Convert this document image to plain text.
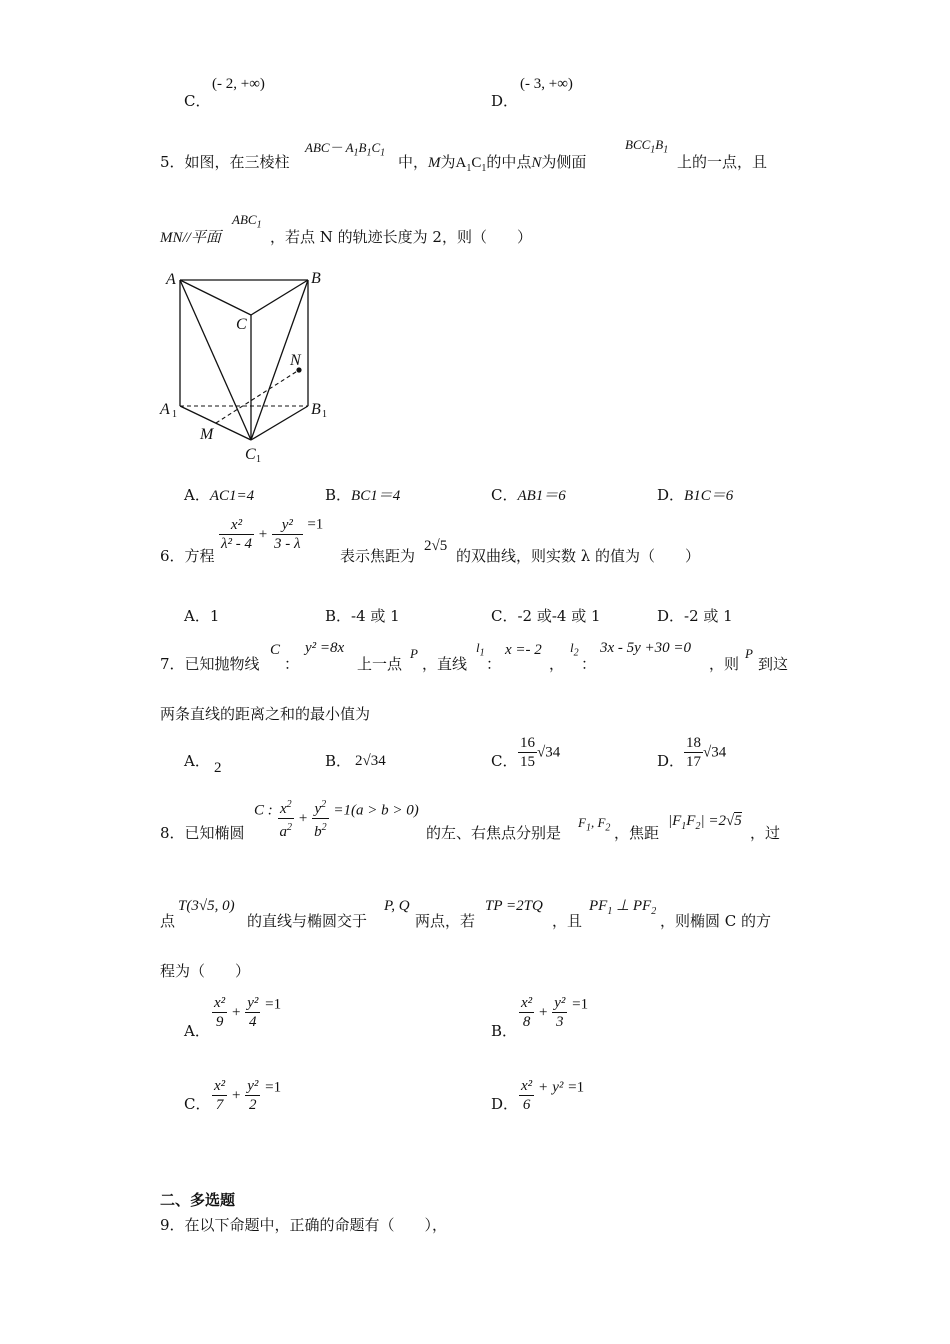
C．
(- 2, +∞)
D．
(- 3, +∞)
5．如图，在三棱柱
$ABC- A_1B_1C_1$ 中，M为$A_1C_1$的中点N为侧面
$BCC_1B_1$
上的一点，且
MN//平面
$ABC_1$
，若点 N 的轨迹长度为 2，则（　　）
A	B
C
N
A	B
M
C
1	1
1
A．AC1=4	B．BC1＝4	C．AB1＝6	D．B1C＝6
6．方程
$\frac{\text{x²}}{\text{λ² - 4}} + \frac{\text{y²}}{3 - \lambda} =1$
表示焦距为
2√5
的双曲线，则实数 λ 的值为（　　）
A．1	B．-4 或 1	C．-2 或-4 或 1	D．-2 或 1
7．已知抛物线
C
：
y² =8x
上一点
P
，直线
$l_1$
：
x =- 2
，
$l_2$
：
3x - 5y +30 =0
，则
P
到这
两条直线的距离之和的最小值为
A． 2	B． 2√34	C． $\frac{16}{15} √34$	D． $\frac{18}{17} √34$
8．已知椭圆
C : $\frac{x^2}{a^2} + \frac{y^2}{b^2} =1(a > b > 0)$
的左、右焦点分别是
$F_1$, $F_2$ ，焦距
$|F_1F_2| =2√5$
，过
点
T(3√5, 0)
的直线与椭圆交于
P, Q
两点，若
TP =2TQ
，且
$PF_1$ ⊥ $PF_2$
，则椭圆 C 的方
程为（　　）
A． $\frac{\text{x²}}{9} + \frac{\text{y²}}{4} =1$
B． $\frac{\text{x²}}{8} + \frac{\text{y²}}{3} =1$
C． $\frac{\text{x²}}{7} + \frac{\text{y²}}{2} =1$
D． $\frac{\text{x²}}{6} + y^2 =1$
二、多选题
9．在以下命题中，正确的命题有（　　），
